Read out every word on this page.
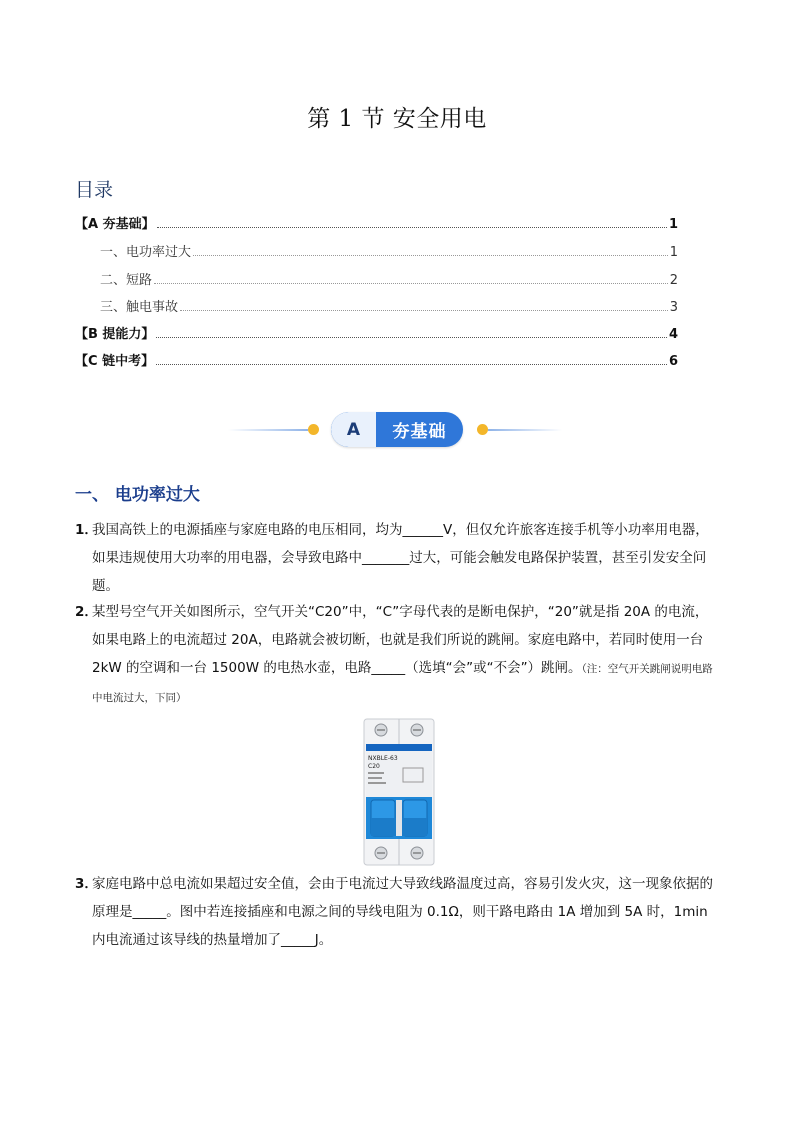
第 1 节 安全用电
目录
【A 夯基础】	1
一、电功率过大	1
二、短路	2
三、触电事故	3
【B 提能力】	4
【C 链中考】	6
A	夯基础
一、 电功率过大
1．
我国高铁上的电源插座与家庭电路的电压相同，均为______V，但仅允许旅客连接手机等小功率用电器，如果违规使用大功率的用电器，会导致电路中_______过大，可能会触发电路保护装置，甚至引发安全问题。
2．
某型号空气开关如图所示，空气开关“C20”中，“C”字母代表的是断电保护，“20”就是指 20A 的电流，如果电路上的电流超过 20A，电路就会被切断，也就是我们所说的跳闸。家庭电路中，若同时使用一台 2kW 的空调和一台 1500W 的电热水壶，电路_____（选填“会”或“不会”）跳闸。（注：空气开关跳闸说明电路中电流过大，下同）
NXBLE-63
C20
3．
家庭电路中总电流如果超过安全值，会由于电流过大导致线路温度过高，容易引发火灾，这一现象依据的原理是_____。图中若连接插座和电源之间的导线电阻为 0.1Ω，则干路电路由 1A 增加到 5A 时，1min 内电流通过该导线的热量增加了_____J。
